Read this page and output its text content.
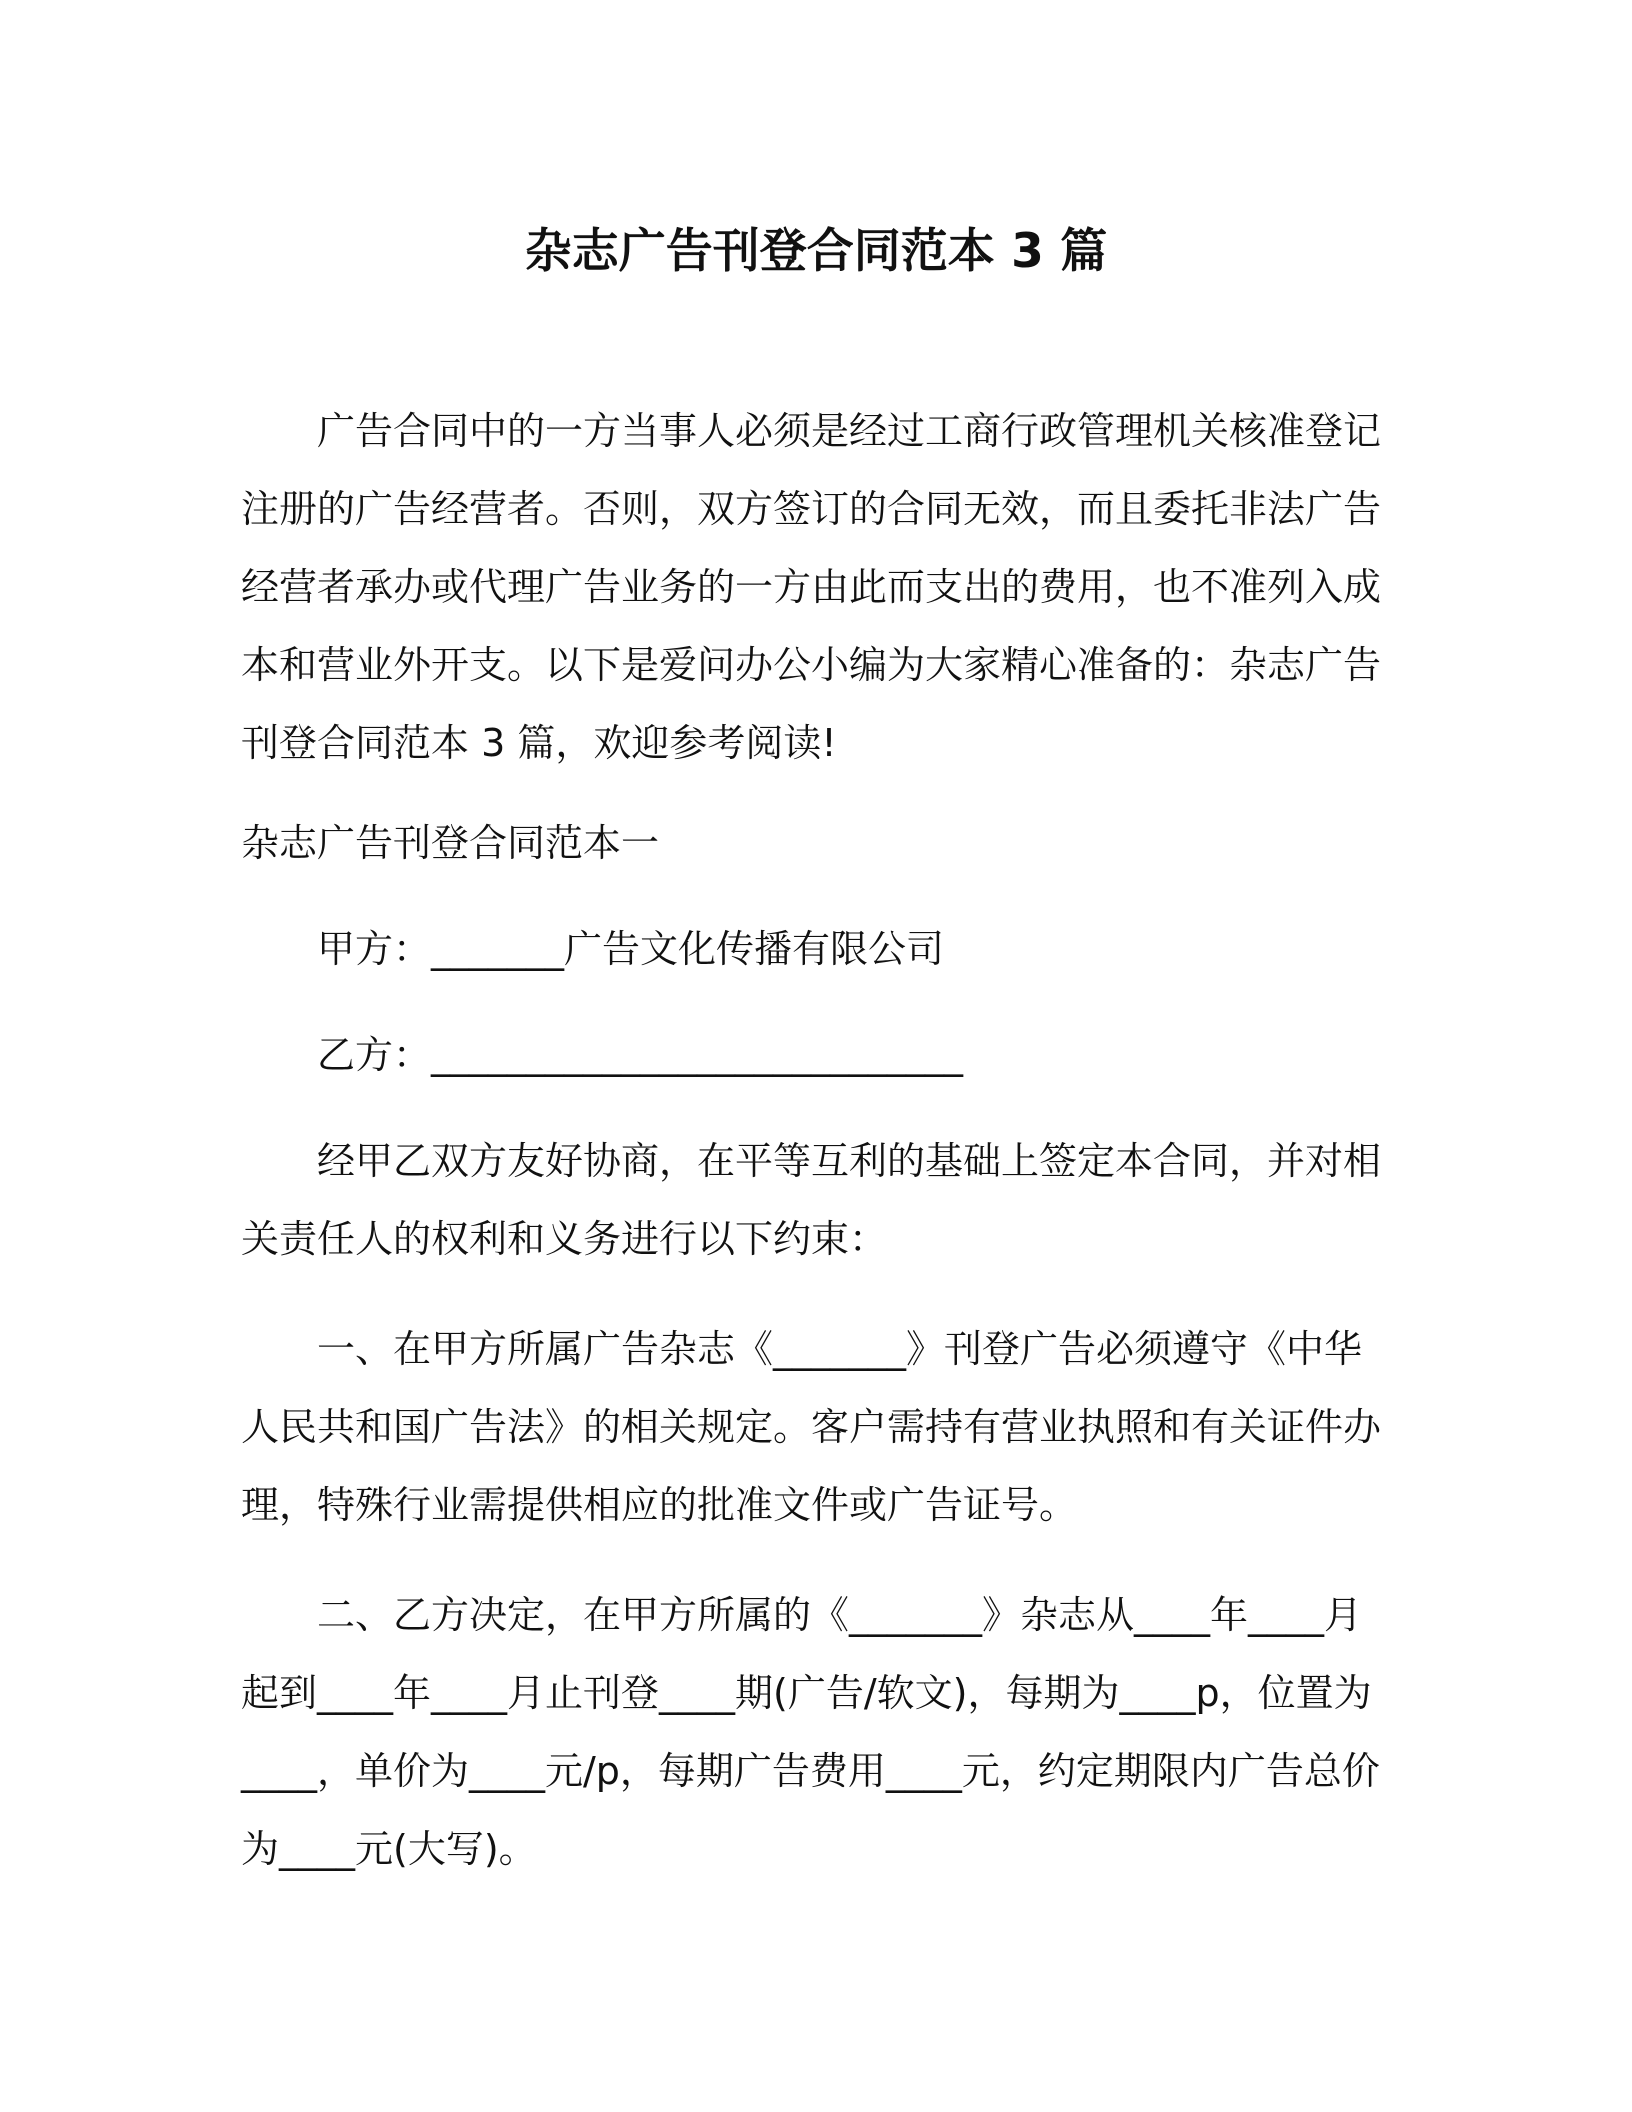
杂志广告刊登合同范本 3 篇

广告合同中的一方当事人必须是经过工商行政管理机关核准登记注册的广告经营者。否则，双方签订的合同无效，而且委托非法广告经营者承办或代理广告业务的一方由此而支出的费用，也不准列入成本和营业外开支。以下是爱问办公小编为大家精心准备的：杂志广告刊登合同范本 3 篇，欢迎参考阅读!

杂志广告刊登合同范本一

甲方：_______广告文化传播有限公司

乙方：____________________________

经甲乙双方友好协商，在平等互利的基础上签定本合同，并对相关责任人的权利和义务进行以下约束：

一、在甲方所属广告杂志《_______》刊登广告必须遵守《中华人民共和国广告法》的相关规定。客户需持有营业执照和有关证件办理，特殊行业需提供相应的批准文件或广告证号。

二、乙方决定，在甲方所属的《_______》杂志从____年____月起到____年____月止刊登____期(广告/软文)，每期为____p，位置为____，单价为____元/p，每期广告费用____元，约定期限内广告总价为____元(大写)。
